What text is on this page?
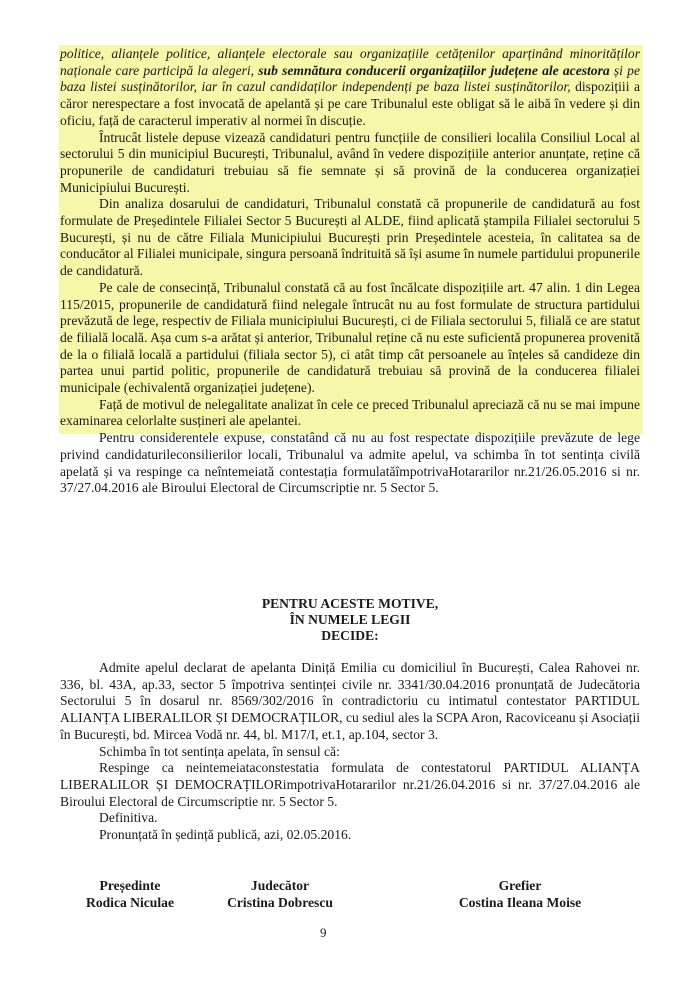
politice, alianțele politice, alianțele electorale sau organizațiile cetățenilor aparținând minorităților naționale care participă la alegeri, sub semnătura conducerii organizațiilor județene ale acestora și pe baza listei susținătorilor, iar în cazul candidaților independenți pe baza listei susținătorilor, dispozițiii a căror nerespectare a fost invocată de apelantă și pe care Tribunalul este obligat să le aibă în vedere și din oficiu, față de caracterul imperativ al normei în discuție.

Întrucât listele depuse vizează candidaturi pentru funcțiile de consilieri localila Consiliul Local al sectorului 5 din municipiul București, Tribunalul, având în vedere dispozițiile anterior anunțate, reține că propunerile de candidaturi trebuiau să fie semnate și să provină de la conducerea organizației Municipiului București.

Din analiza dosarului de candidaturi, Tribunalul constată că propunerile de candidatură au fost formulate de Președintele Filialei Sector 5 București al ALDE, fiind aplicată ștampila Filialei sectorului 5 București, și nu de către Filiala Municipiului București prin Președintele acesteia, în calitatea sa de conducător al Filialei municipale, singura persoană îndrituită să își asume în numele partidului propunerile de candidatură.

Pe cale de consecință, Tribunalul constată că au fost încălcate dispozițiile art. 47 alin. 1 din Legea 115/2015, propunerile de candidatură fiind nelegale întrucât nu au fost formulate de structura partidului prevăzută de lege, respectiv de Filiala municipiului București, ci de Filiala sectorului 5, filială ce are statut de filială locală. Așa cum s-a arătat și anterior, Tribunalul reține că nu este suficientă propunerea provenită de la o filială locală a partidului (filiala sector 5), ci atât timp cât persoanele au înțeles să candideze din partea unui partid politic, propunerile de candidatură trebuiau să provină de la conducerea filialei municipale (echivalentă organizației județene).

Față de motivul de nelegalitate analizat în cele ce preced Tribunalul apreciază că nu se mai impune examinarea celorlalte susțineri ale apelantei.

Pentru considerentele expuse, constatând că nu au fost respectate dispozițiile prevăzute de lege privind candidaturileconsilierilor locali, Tribunalul va admite apelul, va schimba în tot sentința civilă apelată și va respinge ca neîntemeiată contestația formulatăîmpotrivaHotararilor nr.21/26.05.2016 si nr. 37/27.04.2016 ale Biroului Electoral de Circumscriptie nr. 5 Sector 5.

PENTRU ACESTE MOTIVE,
ÎN NUMELE LEGII
DECIDE:

Admite apelul declarat de apelanta Diniță Emilia cu domiciliul în București, Calea Rahovei nr. 336, bl. 43A, ap.33, sector 5 împotriva sentinței civile nr. 3341/30.04.2016 pronunțată de Judecătoria Sectorului 5 în dosarul nr. 8569/302/2016 în contradictoriu cu intimatul contestator PARTIDUL ALIANȚA LIBERALILOR ȘI DEMOCRAȚILOR, cu sediul ales la SCPA Aron, Racoviceanu și Asociații în București, bd. Mircea Vodă nr. 44, bl. M17/I, et.1, ap.104, sector 3.

Schimba în tot sentința apelata, în sensul că:

Respinge ca neintemeiataconstestatia formulata de contestatorul PARTIDUL ALIANȚA LIBERALILOR ȘI DEMOCRAȚILORimpotrivaHotararilor nr.21/26.04.2016 si nr. 37/27.04.2016 ale Biroului Electoral de Circumscriptie nr. 5 Sector 5.

Definitiva.

Pronunțată în ședință publică, azi, 02.05.2016.

Președinte
Rodica Niculae
Judecător
Cristina Dobrescu
Grefier
Costina Ileana Moise
9
